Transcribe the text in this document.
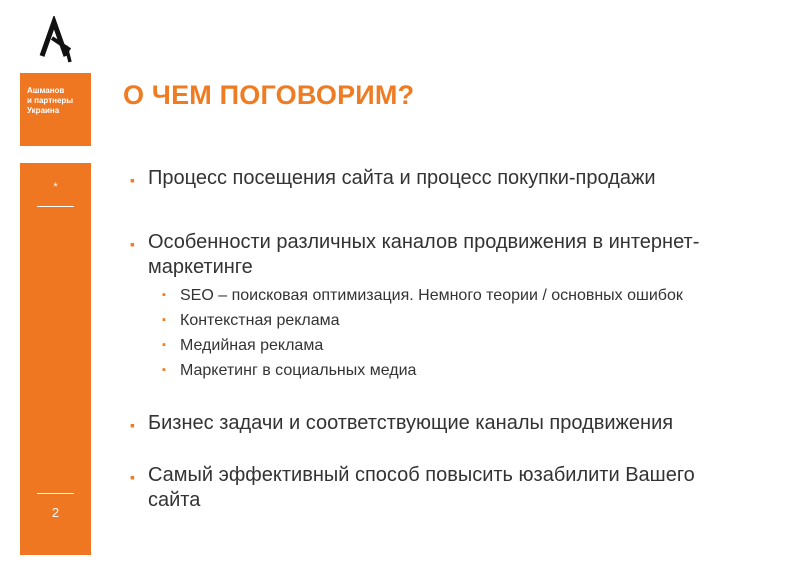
Ашманов
и партнеры
Украина
*
2
О ЧЕМ ПОГОВОРИМ?
▪ Процесс посещения сайта и процесс покупки-продажи
▪ Особенности различных каналов продвижения в интернет-маркетинге
▪ SEO – поисковая оптимизация. Немного теории / основных ошибок
▪ Контекстная реклама
▪ Медийная реклама
▪ Маркетинг в социальных медиа
▪ Бизнес задачи и соответствующие каналы продвижения
▪ Самый эффективный способ повысить юзабилити Вашего сайта
